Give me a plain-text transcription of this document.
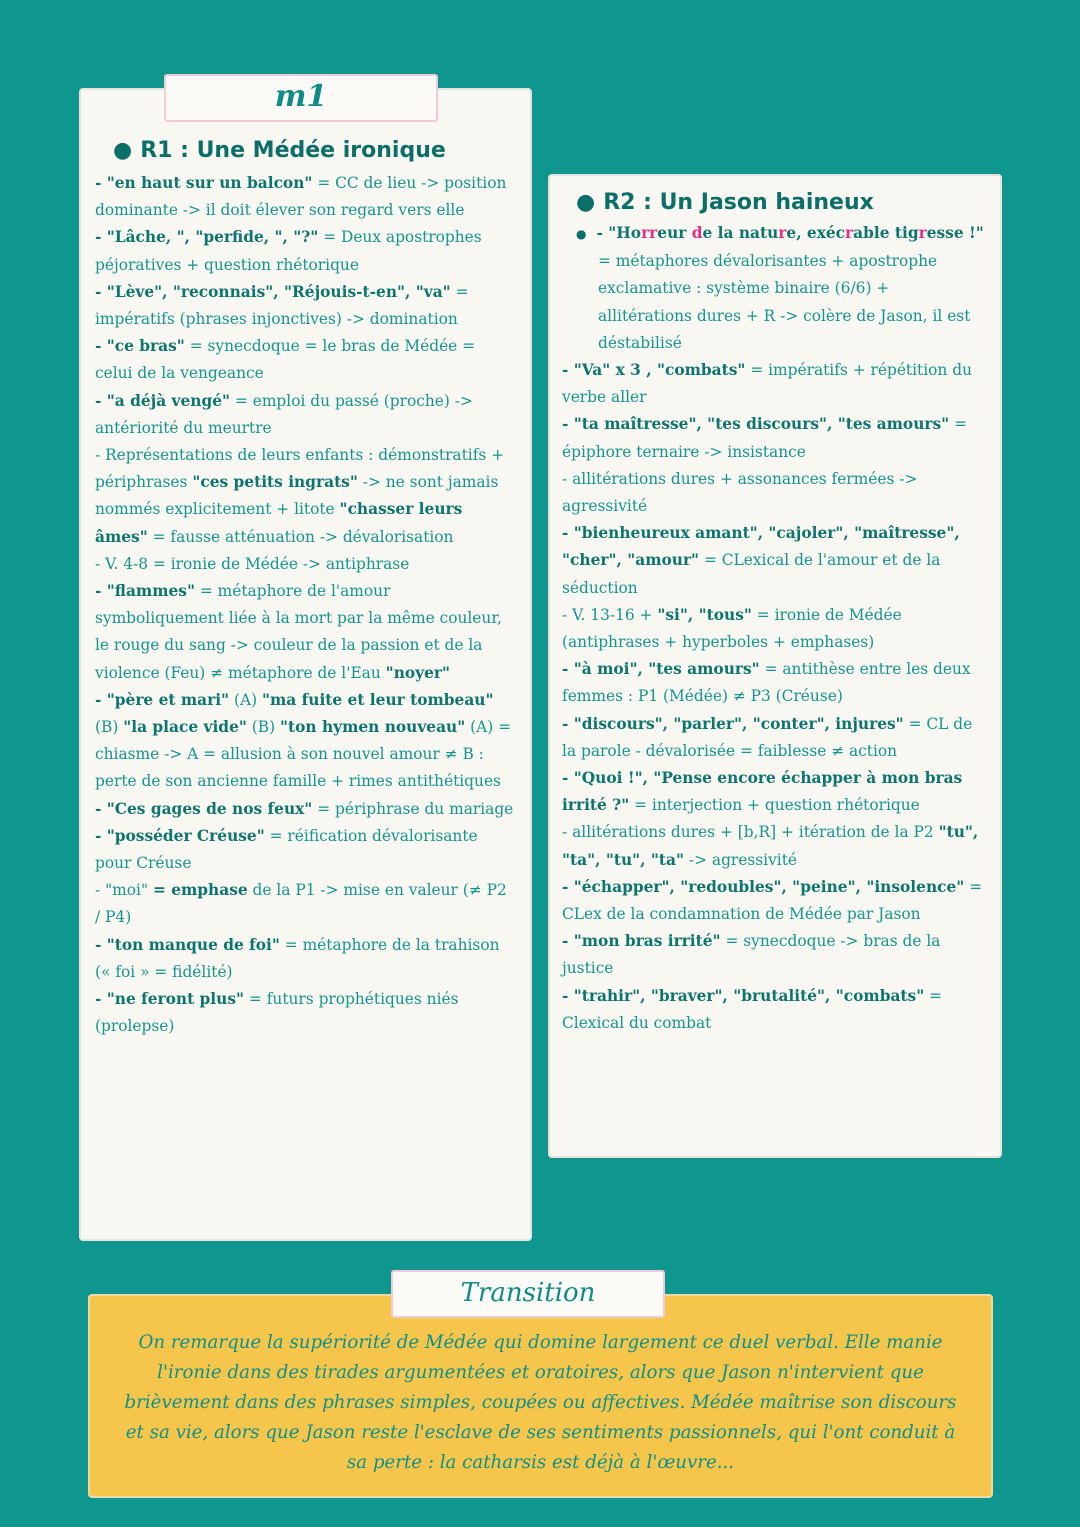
● R1 : Une Médée ironique

- "en haut sur un balcon" = CC de lieu -> position dominante -> il doit élever son regard vers elle

- "Lâche, ", "perfide, ", "?" = Deux apostrophes péjoratives + question rhétorique

- "Lève", "reconnais", "Réjouis-t-en", "va" = impératifs (phrases injonctives) -> domination

- "ce bras" = synecdoque = le bras de Médée = celui de la vengeance

- "a déjà vengé" = emploi du passé (proche) -> antériorité du meurtre

- Représentations de leurs enfants : démonstratifs + périphrases "ces petits ingrats" -> ne sont jamais nommés explicitement + litote "chasser leurs âmes" = fausse atténuation -> dévalorisation

- V. 4-8 = ironie de Médée -> antiphrase

- "flammes" = métaphore de l'amour symboliquement liée à la mort par la même couleur, le rouge du sang -> couleur de la passion et de la violence (Feu) ≠ métaphore de l'Eau "noyer"

- "père et mari" (A) "ma fuite et leur tombeau" (B) "la place vide" (B) "ton hymen nouveau" (A) = chiasme -> A = allusion à son nouvel amour ≠ B : perte de son ancienne famille + rimes antithétiques

- "Ces gages de nos feux" = périphrase du mariage

- "posséder Créuse" = réification dévalorisante pour Créuse

- "moi" = emphase de la P1 -> mise en valeur (≠ P2 / P4)

- "ton manque de foi" = métaphore de la trahison (« foi » = fidélité)

- "ne feront plus" = futurs prophétiques niés (prolepse)

m1
● R2 : Un Jason haineux

● - "Horreur de la nature, exécrable tigresse !" = métaphores dévalorisantes + apostrophe exclamative : système binaire (6/6) + allitérations dures + R -> colère de Jason, il est déstabilisé

- "Va" x 3 , "combats" = impératifs + répétition du verbe aller

- "ta maîtresse", "tes discours", "tes amours" = épiphore ternaire -> insistance

- allitérations dures + assonances fermées -> agressivité

- "bienheureux amant", "cajoler", "maîtresse", "cher", "amour" = CLexical de l'amour et de la séduction

- V. 13-16 + "si", "tous" = ironie de Médée (antiphrases + hyperboles + emphases)

- "à moi", "tes amours" = antithèse entre les deux femmes : P1 (Médée) ≠ P3 (Créuse)

- "discours", "parler", "conter", injures" = CL de la parole - dévalorisée = faiblesse ≠ action

- "Quoi !", "Pense encore échapper à mon bras irrité ?" = interjection + question rhétorique

- allitérations dures + [b,R] + itération de la P2 "tu", "ta", "tu", "ta" -> agressivité

- "échapper", "redoubles", "peine", "insolence" = CLex de la condamnation de Médée par Jason

- "mon bras irrité" = synecdoque -> bras de la justice

- "trahir", "braver", "brutalité", "combats" = Clexical du combat

On remarque la supériorité de Médée qui domine largement ce duel verbal. Elle manie l'ironie dans des tirades argumentées et oratoires, alors que Jason n'intervient que brièvement dans des phrases simples, coupées ou affectives. Médée maîtrise son discours et sa vie, alors que Jason reste l'esclave de ses sentiments passionnels, qui l'ont conduit à sa perte : la catharsis est déjà à l'œuvre...
Transition
